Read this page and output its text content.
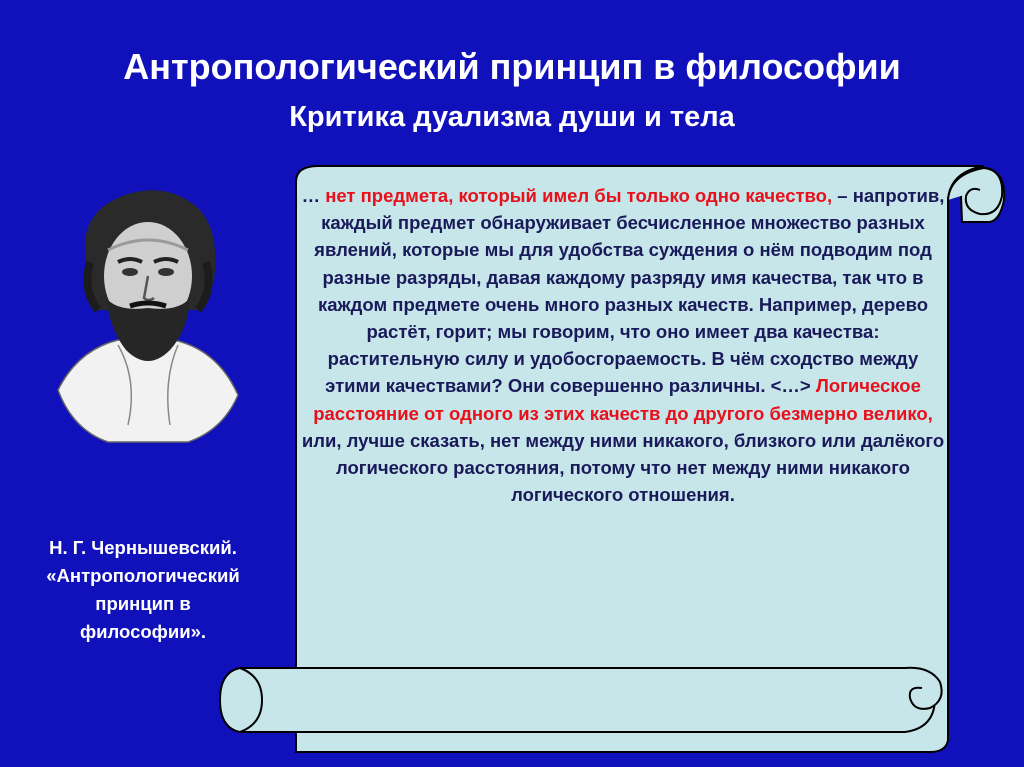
Антропологический принцип в философии
Критика дуализма души и тела
Н. Г. Чернышевский.
«Антропологический
принцип в
философии».

… нет предмета, который имел бы только одно качество, – напротив, каждый предмет обнаруживает бесчисленное множество разных явлений, которые мы для удобства суждения о нём подводим под разные разряды, давая каждому разряду имя качества, так что в каждом предмете очень много разных качеств. Например, дерево растёт, горит; мы говорим, что оно имеет два качества: растительную силу и удобосгораемость. В чём сходство между этими качествами? Они совершенно различны. <…> Логическое расстояние от одного из этих качеств до другого безмерно велико, или, лучше сказать, нет между ними никакого, близкого или далёкого логического расстояния, потому что нет между ними никакого логического отношения.
